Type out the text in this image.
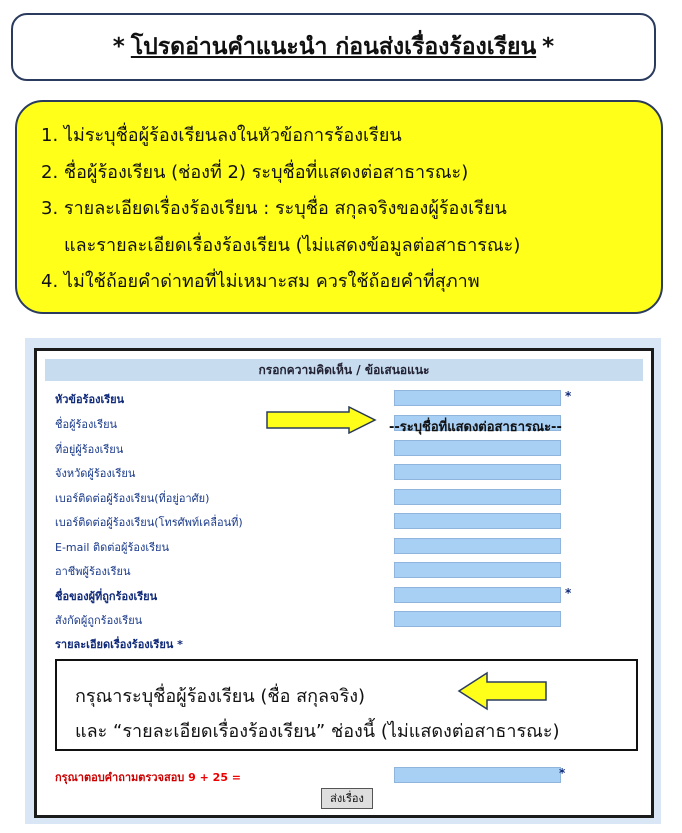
* โปรดอ่านคำแนะนำ ก่อนส่งเรื่องร้องเรียน *
1. ไม่ระบุชื่อผู้ร้องเรียนลงในหัวข้อการร้องเรียน
2. ชื่อผู้ร้องเรียน (ช่องที่ 2) ระบุชื่อที่แสดงต่อสาธารณะ)
3. รายละเอียดเรื่องร้องเรียน : ระบุชื่อ สกุลจริงของผู้ร้องเรียน
และรายละเอียดเรื่องร้องเรียน (ไม่แสดงข้อมูลต่อสาธารณะ)
4. ไม่ใช้ถ้อยคำด่าทอที่ไม่เหมาะสม ควรใช้ถ้อยคำที่สุภาพ
กรอกความคิดเห็น / ข้อเสนอแนะ
หัวข้อร้องเรียน	*
ชื่อผู้ร้องเรียน	--ระบุชื่อที่แสดงต่อสาธารณะ--
ที่อยู่ผู้ร้องเรียน
จังหวัดผู้ร้องเรียน
เบอร์ติดต่อผู้ร้องเรียน(ที่อยู่อาศัย)
เบอร์ติดต่อผู้ร้องเรียน(โทรศัพท์เคลื่อนที่)
E-mail ติดต่อผู้ร้องเรียน
อาชีพผู้ร้องเรียน
ชื่อของผู้ที่ถูกร้องเรียน	*
สังกัดผู้ถูกร้องเรียน
รายละเอียดเรื่องร้องเรียน *
กรุณาระบุชื่อผู้ร้องเรียน (ชื่อ สกุลจริง)
และ “รายละเอียดเรื่องร้องเรียน” ช่องนี้ (ไม่แสดงต่อสาธารณะ)
กรุณาตอบคำถามตรวจสอบ 9 + 25 =	*
ส่งเรื่อง
